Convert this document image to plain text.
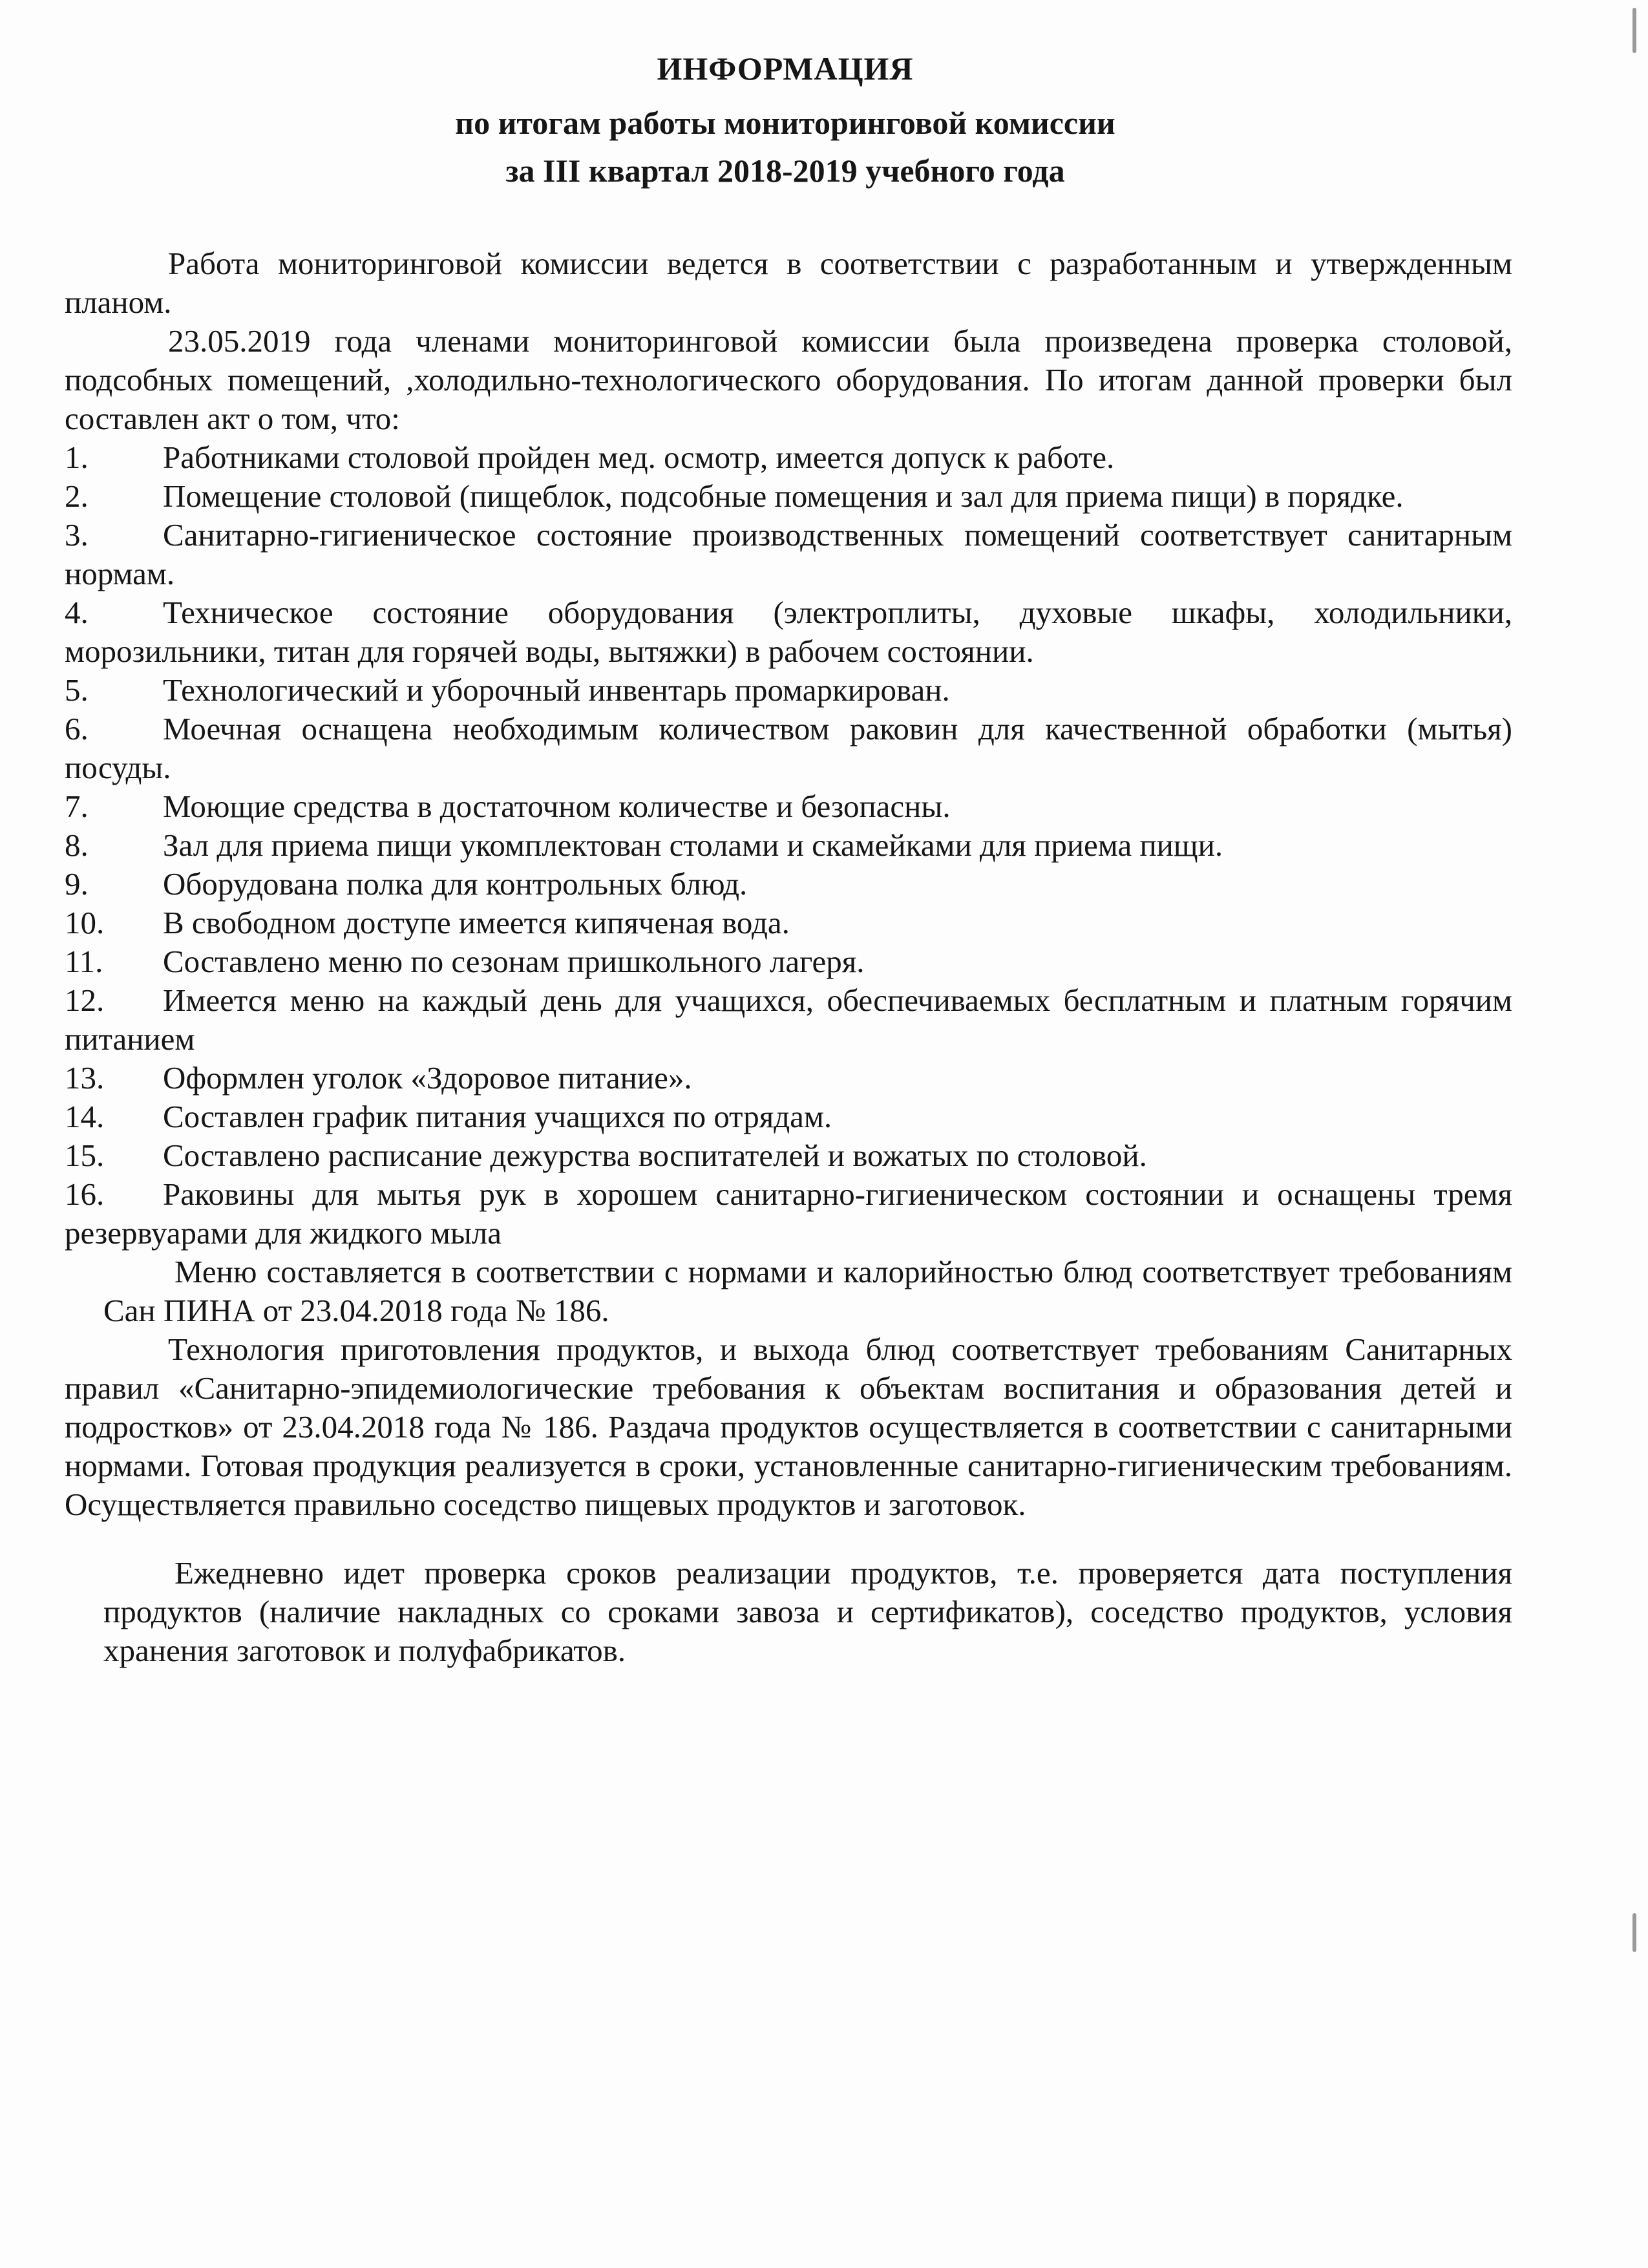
ИНФОРМАЦИЯ
по итогам работы мониторинговой комиссии
за III квартал 2018-2019 учебного года

Работа мониторинговой комиссии ведется в соответствии с разработанным и утвержденным планом.

23.05.2019 года членами мониторинговой комиссии была произведена проверка столовой, подсобных помещений, ,холодильно-технологического оборудования. По итогам данной проверки был составлен акт о том, что:

1. Работниками столовой пройден мед. осмотр, имеется допуск к работе.
2. Помещение столовой (пищеблок, подсобные помещения и зал для приема пищи) в порядке.
3. Санитарно-гигиеническое состояние производственных помещений соответствует санитарным нормам.
4. Техническое состояние оборудования (электроплиты, духовые шкафы, холодильники, морозильники, титан для горячей воды, вытяжки) в рабочем состоянии.
5. Технологический и уборочный инвентарь промаркирован.
6. Моечная оснащена необходимым количеством раковин для качественной обработки (мытья) посуды.
7. Моющие средства в достаточном количестве и безопасны.
8. Зал для приема пищи укомплектован столами и скамейками для приема пищи.
9. Оборудована полка для контрольных блюд.
10. В свободном доступе имеется кипяченая вода.
11. Составлено меню по сезонам пришкольного лагеря.
12. Имеется меню на каждый день для учащихся, обеспечиваемых бесплатным и платным горячим питанием
13. Оформлен уголок «Здоровое питание».
14. Составлен график питания учащихся по отрядам.
15. Составлено расписание дежурства воспитателей и вожатых по столовой.
16. Раковины для мытья рук в хорошем санитарно-гигиеническом состоянии и оснащены тремя резервуарами для жидкого мыла

Меню составляется в соответствии с нормами и калорийностью блюд соответствует требованиям Сан ПИНА от 23.04.2018 года № 186.

Технология приготовления продуктов, и выхода блюд соответствует требованиям Санитарных правил «Санитарно-эпидемиологические требования к объектам воспитания и образования детей и подростков» от 23.04.2018 года № 186. Раздача продуктов осуществляется в соответствии с санитарными нормами. Готовая продукция реализуется в сроки, установленные санитарно-гигиеническим требованиям. Осуществляется правильно соседство пищевых продуктов и заготовок.

Ежедневно идет проверка сроков реализации продуктов, т.е. проверяется дата поступления продуктов (наличие накладных со сроками завоза и сертификатов), соседство продуктов, условия хранения заготовок и полуфабрикатов.
